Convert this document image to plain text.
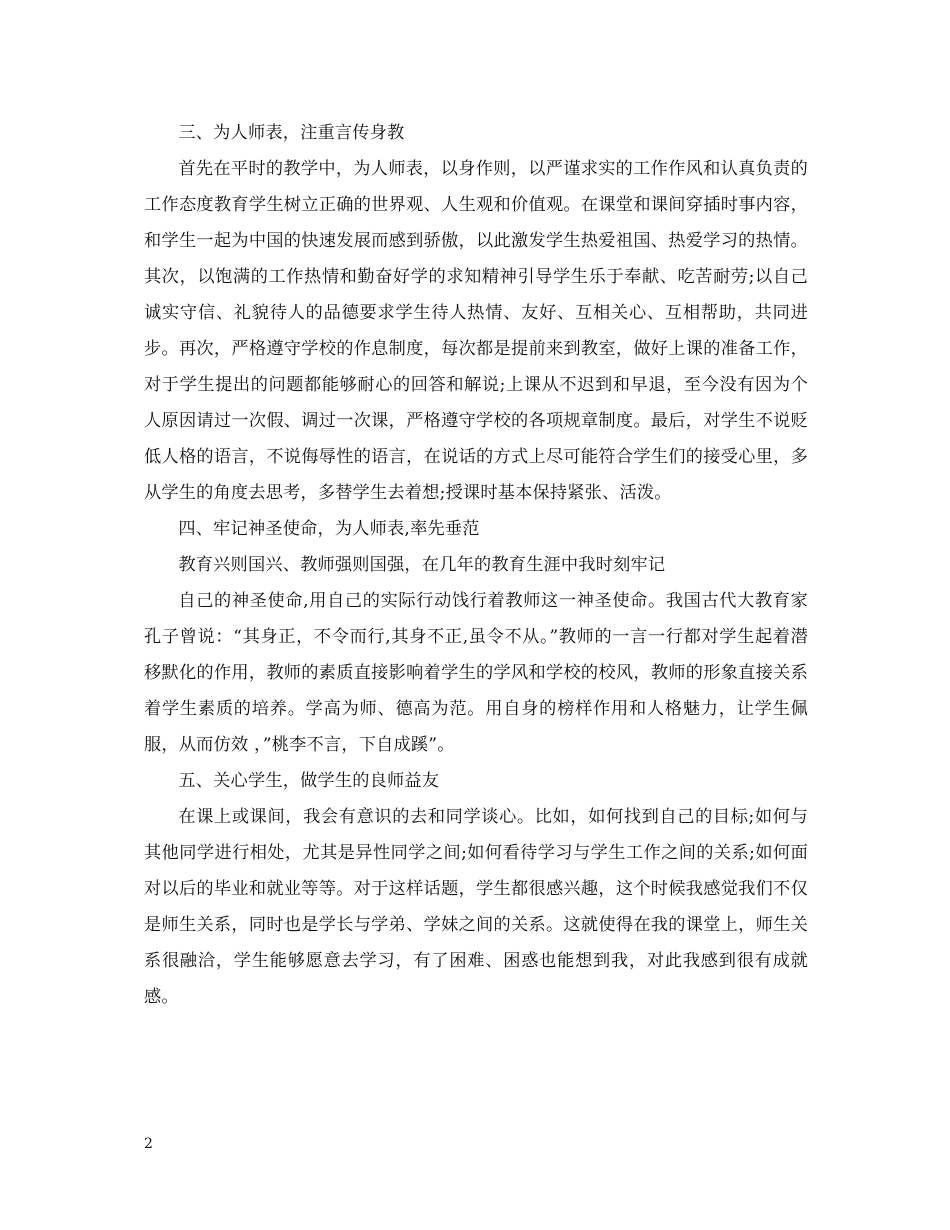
三、为人师表，注重言传身教

首先在平时的教学中，为人师表，以身作则，以严谨求实的工作作风和认真负责的工作态度教育学生树立正确的世界观、人生观和价值观。在课堂和课间穿插时事内容，和学生一起为中国的快速发展而感到骄傲，以此激发学生热爱祖国、热爱学习的热情。其次，以饱满的工作热情和勤奋好学的求知精神引导学生乐于奉献、吃苦耐劳;以自己诚实守信、礼貌待人的品德要求学生待人热情、友好、互相关心、互相帮助，共同进步。再次，严格遵守学校的作息制度，每次都是提前来到教室，做好上课的准备工作，对于学生提出的问题都能够耐心的回答和解说;上课从不迟到和早退，至今没有因为个人原因请过一次假、调过一次课，严格遵守学校的各项规章制度。最后，对学生不说贬低人格的语言，不说侮辱性的语言，在说话的方式上尽可能符合学生们的接受心里，多从学生的角度去思考，多替学生去着想;授课时基本保持紧张、活泼。

四、牢记神圣使命，为人师表,率先垂范

教育兴则国兴、教师强则国强，在几年的教育生涯中我时刻牢记

自己的神圣使命,用自己的实际行动饯行着教师这一神圣使命。我国古代大教育家孔子曾说：“其身正，不令而行,其身不正,虽令不从。”教师的一言一行都对学生起着潜移默化的作用，教师的素质直接影响着学生的学风和学校的校风，教师的形象直接关系着学生素质的培养。学高为师、德高为范。用自身的榜样作用和人格魅力，让学生佩服，从而仿效 ，”桃李不言，下自成蹊”。

五、关心学生，做学生的良师益友

在课上或课间，我会有意识的去和同学谈心。比如，如何找到自己的目标;如何与其他同学进行相处，尤其是异性同学之间;如何看待学习与学生工作之间的关系;如何面对以后的毕业和就业等等。对于这样话题，学生都很感兴趣，这个时候我感觉我们不仅是师生关系，同时也是学长与学弟、学妹之间的关系。这就使得在我的课堂上，师生关系很融洽，学生能够愿意去学习，有了困难、困惑也能想到我，对此我感到很有成就感。

2
